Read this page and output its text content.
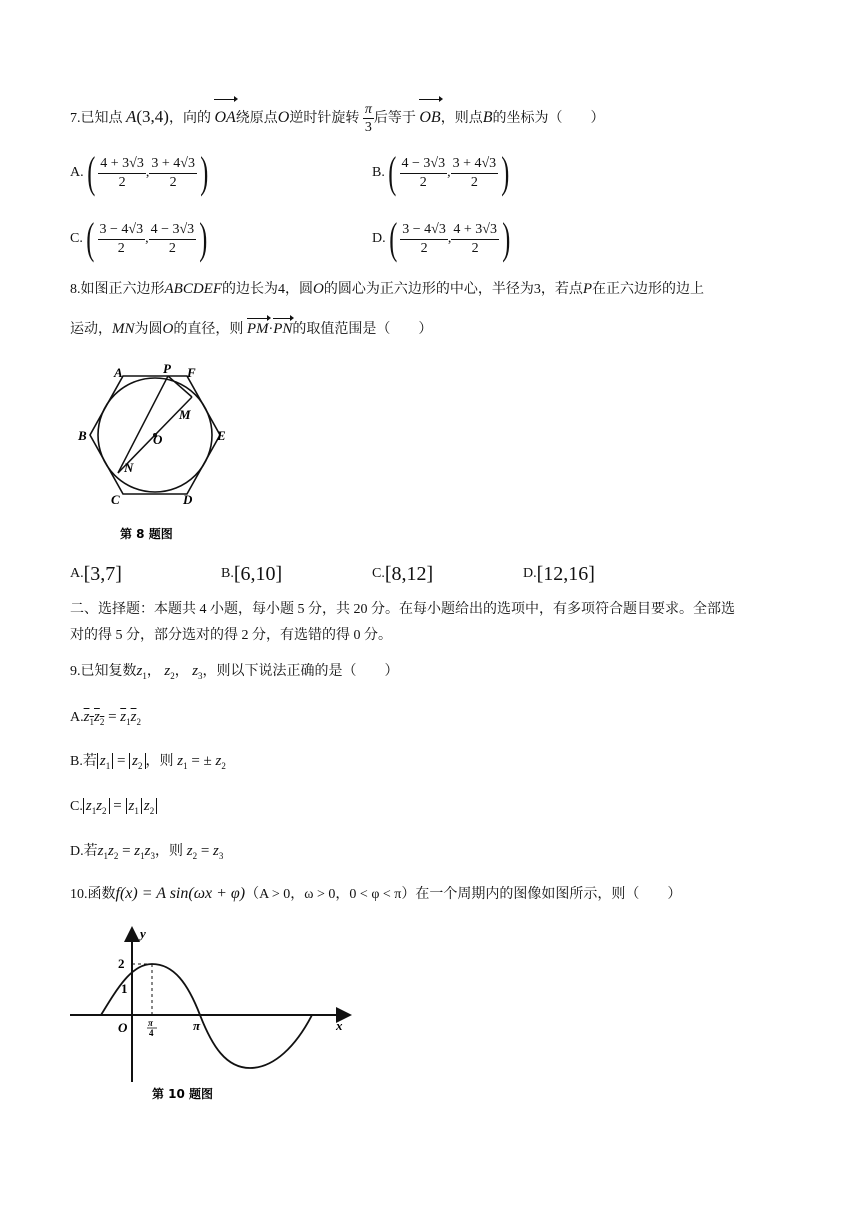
7.已知点 A(3,4)，向的 OA绕原点O逆时针旋转 $\frac{\pi}{3}$ 后等于 OB，则点B的坐标为（　　）
A. ( $\frac{4 + 3√3}{2}$ , $\frac{3 + 4√3}{2}$ )	B. ( $\frac{4 - 3√3}{2}$ , $\frac{3 + 4√3}{2}$ )
C. ( $\frac{3 - 4√3}{2}$ , $\frac{4 - 3√3}{2}$ )	D. ( $\frac{3 - 4√3}{2}$ , $\frac{4 + 3√3}{2}$ )
8.如图正六边形ABCDEF的边长为4，圆O的圆心为正六边形的中心，半径为3，若点P在正六边形的边上
运动，MN为圆O的直径，则 PM·PN的取值范围是（　　）
A	P F
M
B	O	E
N
C	D
第 8 题图
A.[3,7]	B.[6,10]	C.[8,12]	D.[12,16]
二、选择题：本题共 4 小题，每小题 5 分，共 20 分。在每小题给出的选项中，有多项符合题目要求。全部选
对的得 5 分，部分选对的得 2 分，有选错的得 0 分。
9.已知复数$z_1$， $z_2$， $z_3$，则以下说法正确的是（　　）
$A.z_1z_2 = \overline{z}_1\overline{z}_2$
B.若 $z_1 = z_2$ ，则 $z_1$ = ± $z_2$
C. $z_1z_2 = z_1$ $z_2$
D.若$z_1z_2 = z_1z_3$，则 $z_2 = z_3$
10.函数f(x) = A sin(ωx + φ)（A > 0，ω > 0，0 < φ < π）在一个周期内的图像如图所示，则（　　）
y
x
O
2
1
π
4	π
第 10 题图
